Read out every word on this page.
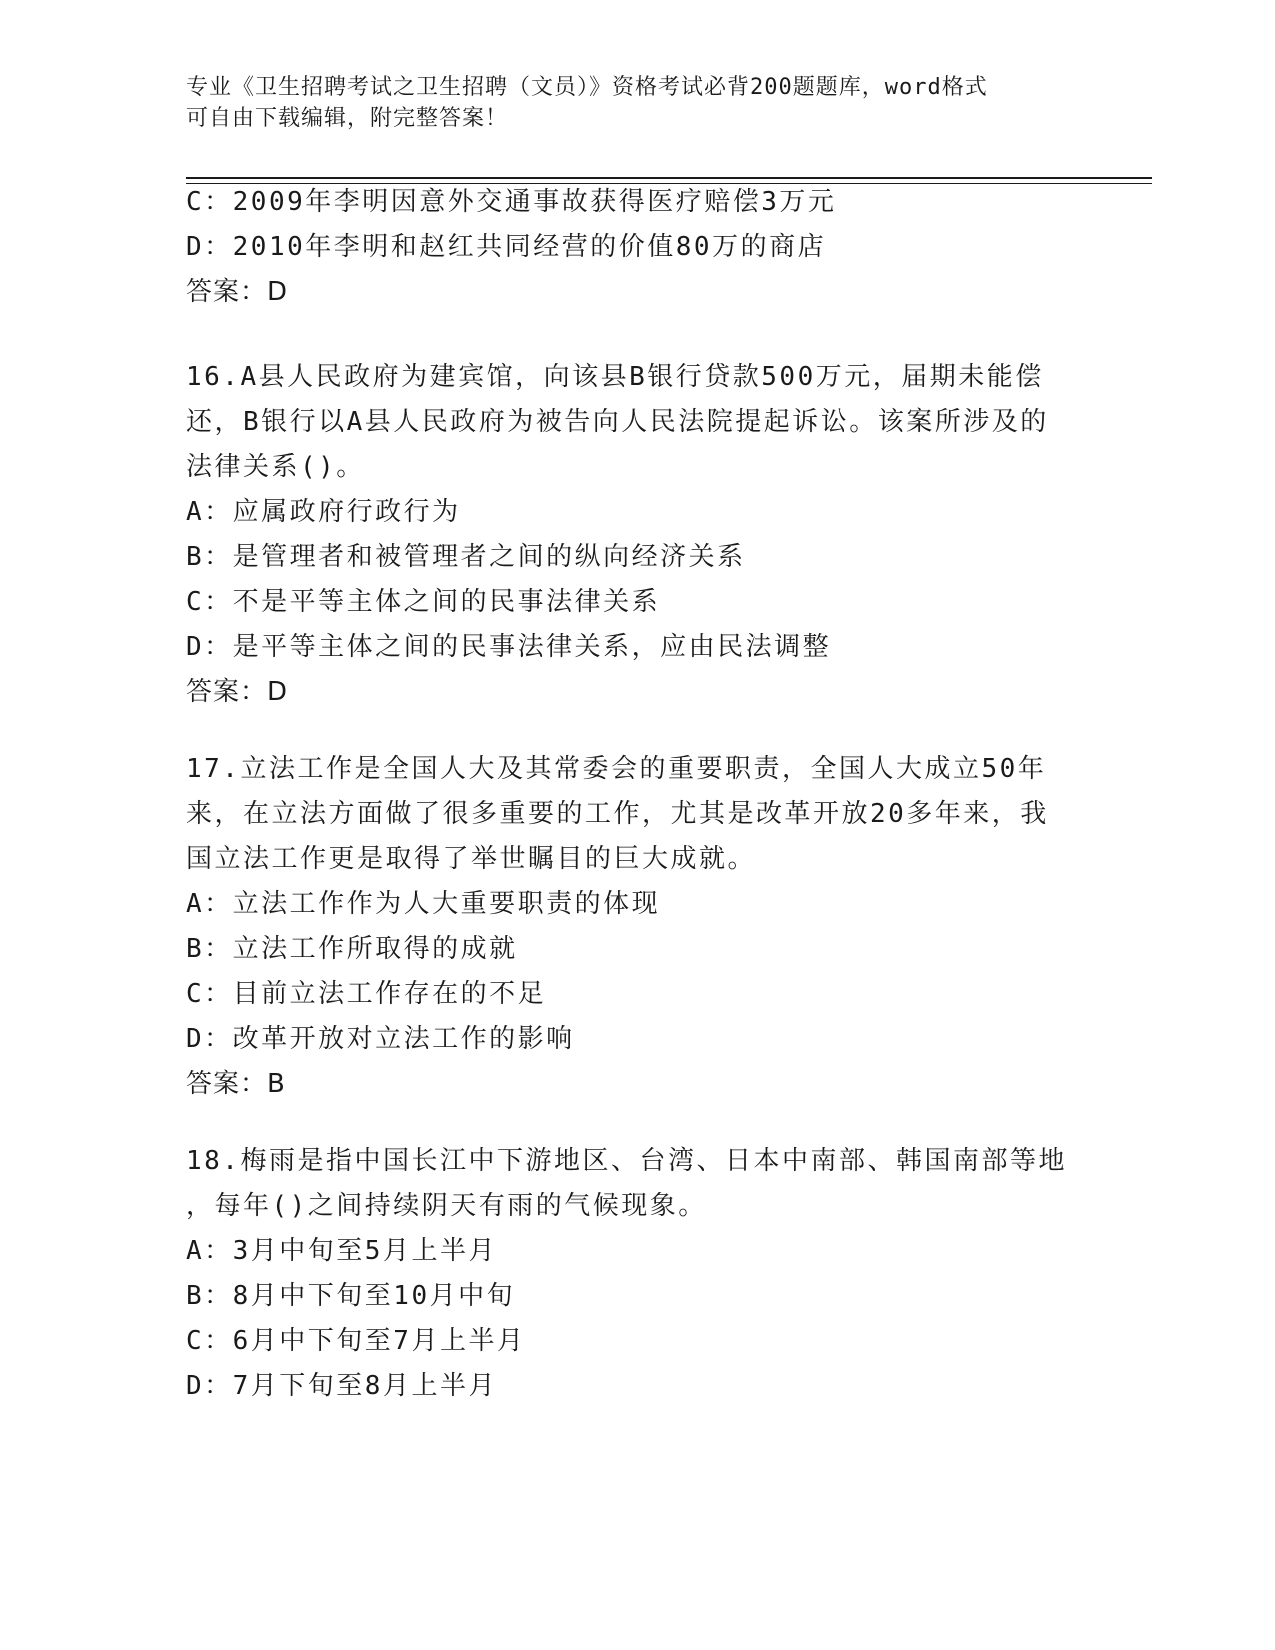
专业《卫生招聘考试之卫生招聘（文员）》资格考试必背200题题库，word格式
可自由下载编辑，附完整答案！
C：2009年李明因意外交通事故获得医疗赔偿3万元
D：2010年李明和赵红共同经营的价值80万的商店
答案：D
16.A县人民政府为建宾馆，向该县B银行贷款500万元，届期未能偿
还，B银行以A县人民政府为被告向人民法院提起诉讼。该案所涉及的
法律关系()。
A：应属政府行政行为
B：是管理者和被管理者之间的纵向经济关系
C：不是平等主体之间的民事法律关系
D：是平等主体之间的民事法律关系，应由民法调整
答案：D
17.立法工作是全国人大及其常委会的重要职责，全国人大成立50年
来，在立法方面做了很多重要的工作，尤其是改革开放20多年来，我
国立法工作更是取得了举世瞩目的巨大成就。
A：立法工作作为人大重要职责的体现
B：立法工作所取得的成就
C：目前立法工作存在的不足
D：改革开放对立法工作的影响
答案：B
18.梅雨是指中国长江中下游地区、台湾、日本中南部、韩国南部等地
，每年()之间持续阴天有雨的气候现象。
A：3月中旬至5月上半月
B：8月中下旬至10月中旬
C：6月中下旬至7月上半月
D：7月下旬至8月上半月
